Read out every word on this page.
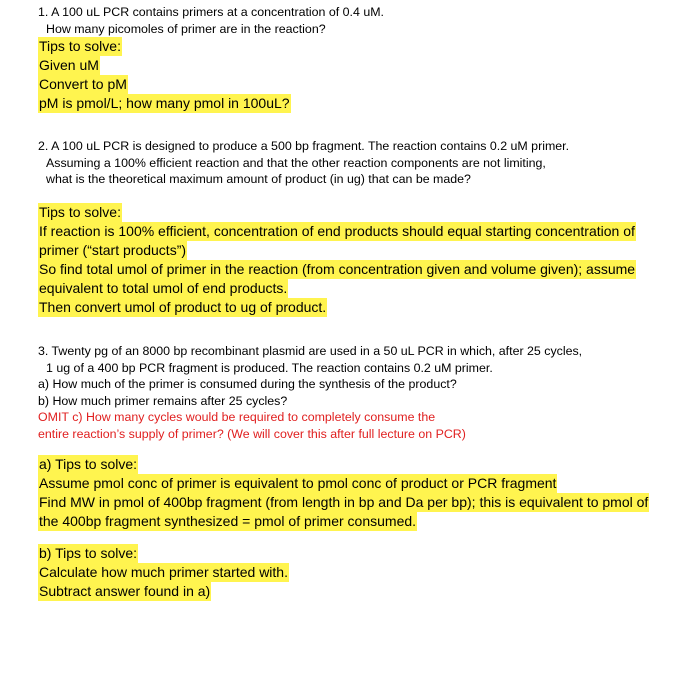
1. A 100 uL PCR contains primers at a concentration of 0.4 uM.
How many picomoles of primer are in the reaction?
Tips to solve:
Given uM
Convert to pM
pM is pmol/L; how many pmol in 100uL?
2. A 100 uL PCR is designed to produce a 500 bp fragment. The reaction contains 0.2 uM primer.
Assuming a 100% efficient reaction and that the other reaction components are not limiting,
what is the theoretical maximum amount of product (in ug) that can be made?
Tips to solve:
If reaction is 100% efficient, concentration of end products should equal starting concentration of
primer (“start products”)
So find total umol of primer in the reaction (from concentration given and volume given); assume
equivalent to total umol of end products.
Then convert umol of product to ug of product.
3. Twenty pg of an 8000 bp recombinant plasmid are used in a 50 uL PCR in which, after 25 cycles,
1 ug of a 400 bp PCR fragment is produced. The reaction contains 0.2 uM primer.
a) How much of the primer is consumed during the synthesis of the product?
b) How much primer remains after 25 cycles?
OMIT c) How many cycles would be required to completely consume the
entire reaction’s supply of primer? (We will cover this after full lecture on PCR)
a) Tips to solve:
Assume pmol conc of primer is equivalent to pmol conc of product or PCR fragment
Find MW in pmol of 400bp fragment (from length in bp and Da per bp); this is equivalent to pmol of
the 400bp fragment synthesized = pmol of primer consumed.
b) Tips to solve:
Calculate how much primer started with.
Subtract answer found in a)
